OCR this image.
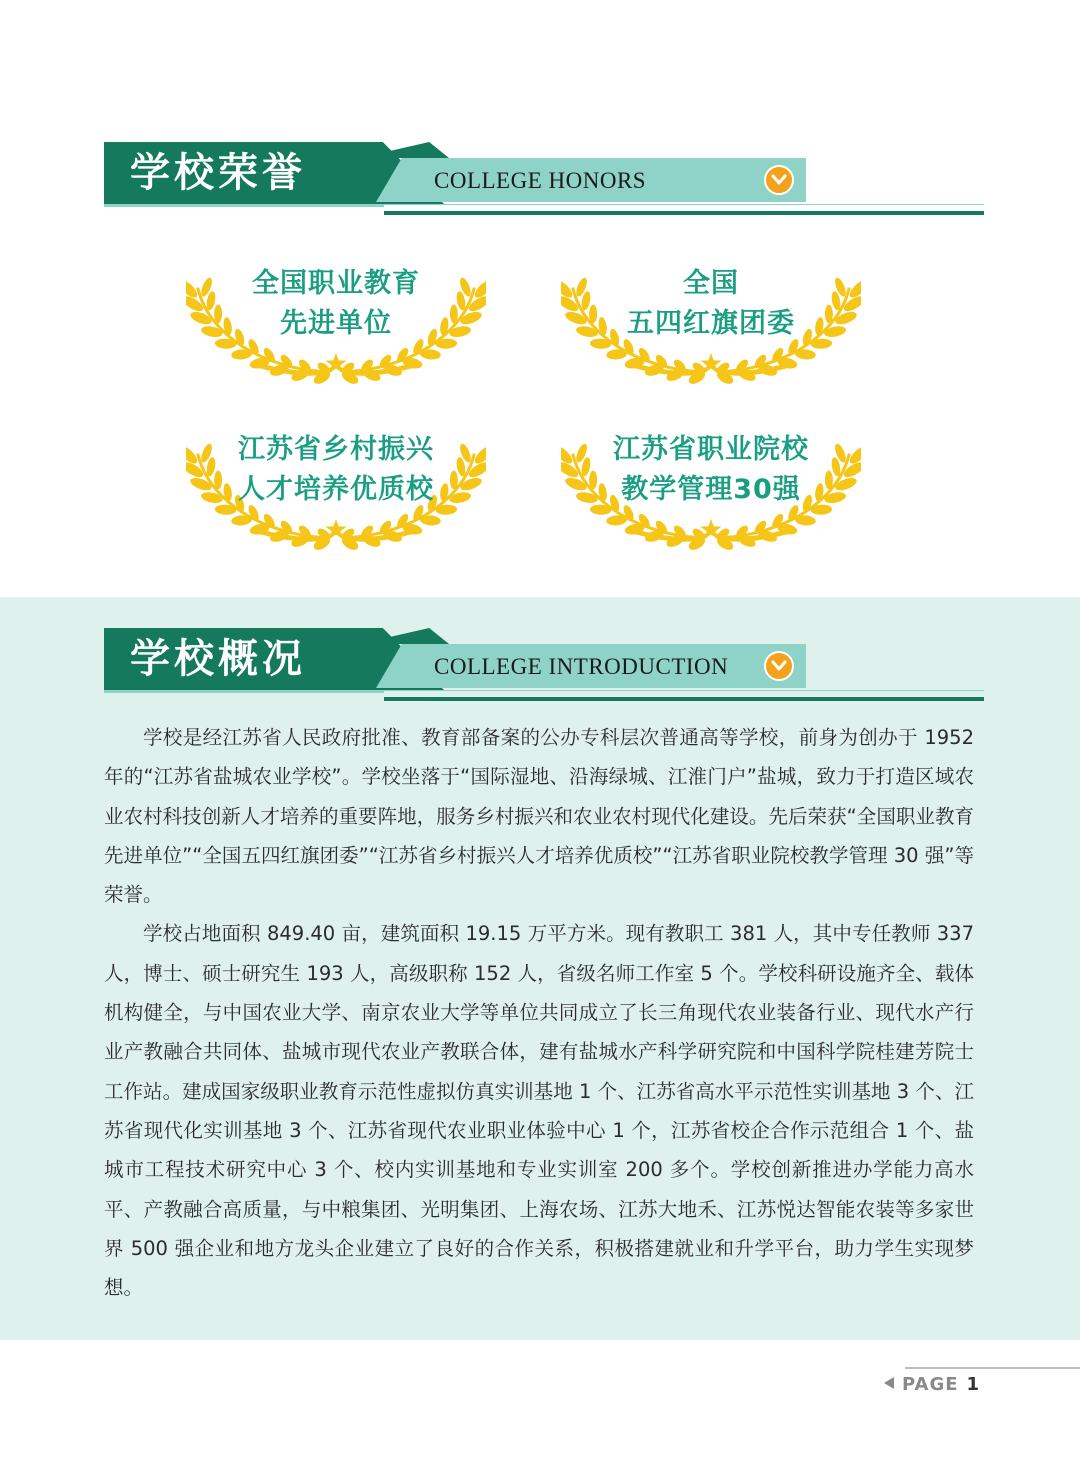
学校荣誉	COLLEGE HONORS
全国职业教育
先进单位
全国
五四红旗团委
江苏省乡村振兴
人才培养优质校
江苏省职业院校
教学管理30强
学校概况	COLLEGE INTRODUCTION

学校是经江苏省人民政府批准、教育部备案的公办专科层次普通高等学校，前身为创办于 1952 年的“江苏省盐城农业学校”。学校坐落于“国际湿地、沿海绿城、江淮门户”盐城，致力于打造区域农业农村科技创新人才培养的重要阵地，服务乡村振兴和农业农村现代化建设。先后荣获“全国职业教育先进单位”“全国五四红旗团委”“江苏省乡村振兴人才培养优质校”“江苏省职业院校教学管理 30 强”等荣誉。

学校占地面积 849.40 亩，建筑面积 19.15 万平方米。现有教职工 381 人，其中专任教师 337 人，博士、硕士研究生 193 人，高级职称 152 人，省级名师工作室 5 个。学校科研设施齐全、载体机构健全，与中国农业大学、南京农业大学等单位共同成立了长三角现代农业装备行业、现代水产行业产教融合共同体、盐城市现代农业产教联合体，建有盐城水产科学研究院和中国科学院桂建芳院士工作站。建成国家级职业教育示范性虚拟仿真实训基地 1 个、江苏省高水平示范性实训基地 3 个、江苏省现代化实训基地 3 个、江苏省现代农业职业体验中心 1 个，江苏省校企合作示范组合 1 个、盐城市工程技术研究中心 3 个、校内实训基地和专业实训室 200 多个。学校创新推进办学能力高水平、产教融合高质量，与中粮集团、光明集团、上海农场、江苏大地禾、江苏悦达智能农装等多家世界 500 强企业和地方龙头企业建立了良好的合作关系，积极搭建就业和升学平台，助力学生实现梦想。

PAGE 1
